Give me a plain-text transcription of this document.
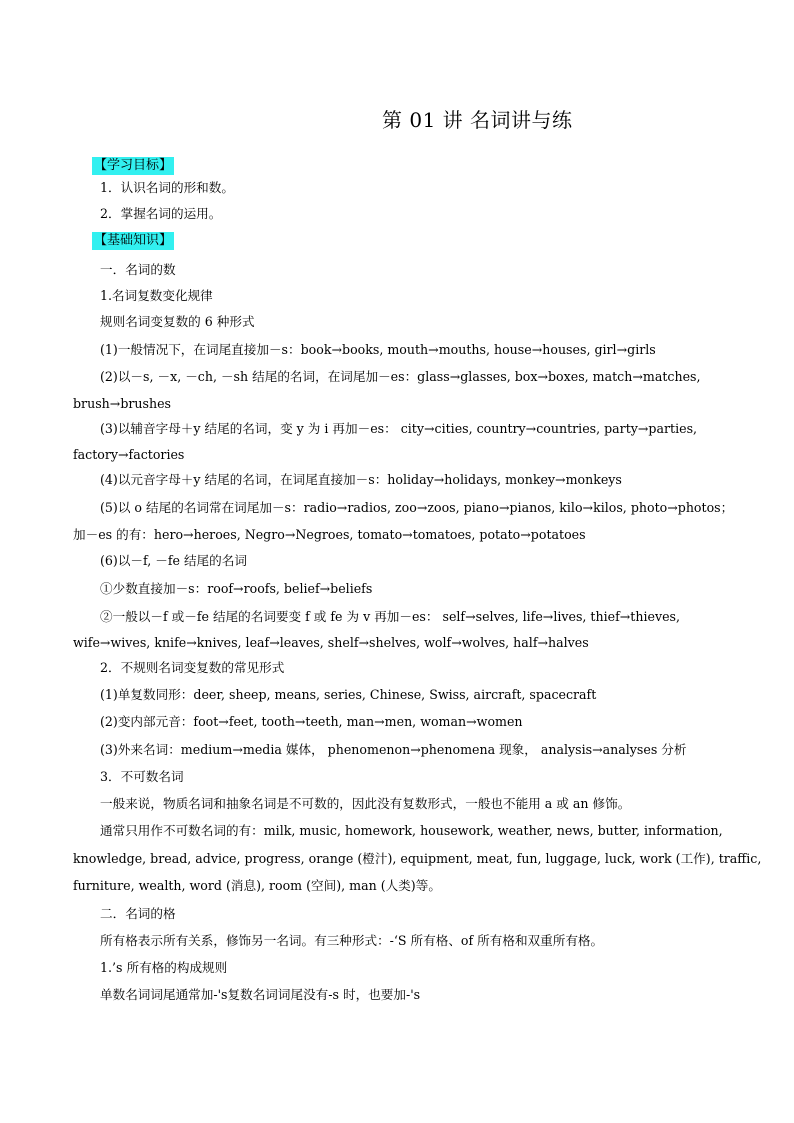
第 01 讲 名词讲与练
【学习目标】
1．认识名词的形和数。
2．掌握名词的运用。
【基础知识】
一．名词的数
1.名词复数变化规律
规则名词变复数的 6 种形式
(1)一般情况下，在词尾直接加－s：book→books, mouth→mouths, house→houses, girl→girls
(2)以－s, －x, －ch, －sh 结尾的名词，在词尾加－es：glass→glasses, box→boxes, match→matches,
brush→brushes
(3)以辅音字母＋y 结尾的名词，变 y 为 i 再加－es： city→cities, country→countries, party→parties,
factory→factories
(4)以元音字母＋y 结尾的名词，在词尾直接加－s：holiday→holidays, monkey→monkeys
(5)以 o 结尾的名词常在词尾加－s：radio→radios, zoo→zoos, piano→pianos, kilo→kilos, photo→photos；
加－es 的有：hero→heroes, Negro→Negroes, tomato→tomatoes, potato→potatoes
(6)以－f, －fe 结尾的名词
①少数直接加－s：roof→roofs, belief→beliefs
②一般以－f 或－fe 结尾的名词要变 f 或 fe 为 v 再加－es： self→selves, life→lives, thief→thieves,
wife→wives, knife→knives, leaf→leaves, shelf→shelves, wolf→wolves, half→halves
2．不规则名词变复数的常见形式
(1)单复数同形：deer, sheep, means, series, Chinese, Swiss, aircraft, spacecraft
(2)变内部元音：foot→feet, tooth→teeth, man→men, woman→women
(3)外来名词：medium→media 媒体， phenomenon→phenomena 现象， analysis→analyses 分析
3．不可数名词
一般来说，物质名词和抽象名词是不可数的，因此没有复数形式，一般也不能用 a 或 an 修饰。
通常只用作不可数名词的有：milk, music, homework, housework, weather, news, butter, information,
knowledge, bread, advice, progress, orange (橙汁), equipment, meat, fun, luggage, luck, work (工作), traffic,
furniture, wealth, word (消息), room (空间), man (人类)等。
二．名词的格
所有格表示所有关系，修饰另一名词。有三种形式：-‘S 所有格、of 所有格和双重所有格。
1.’s 所有格的构成规则
单数名词词尾通常加-'s复数名词词尾没有-s 时，也要加-'s
